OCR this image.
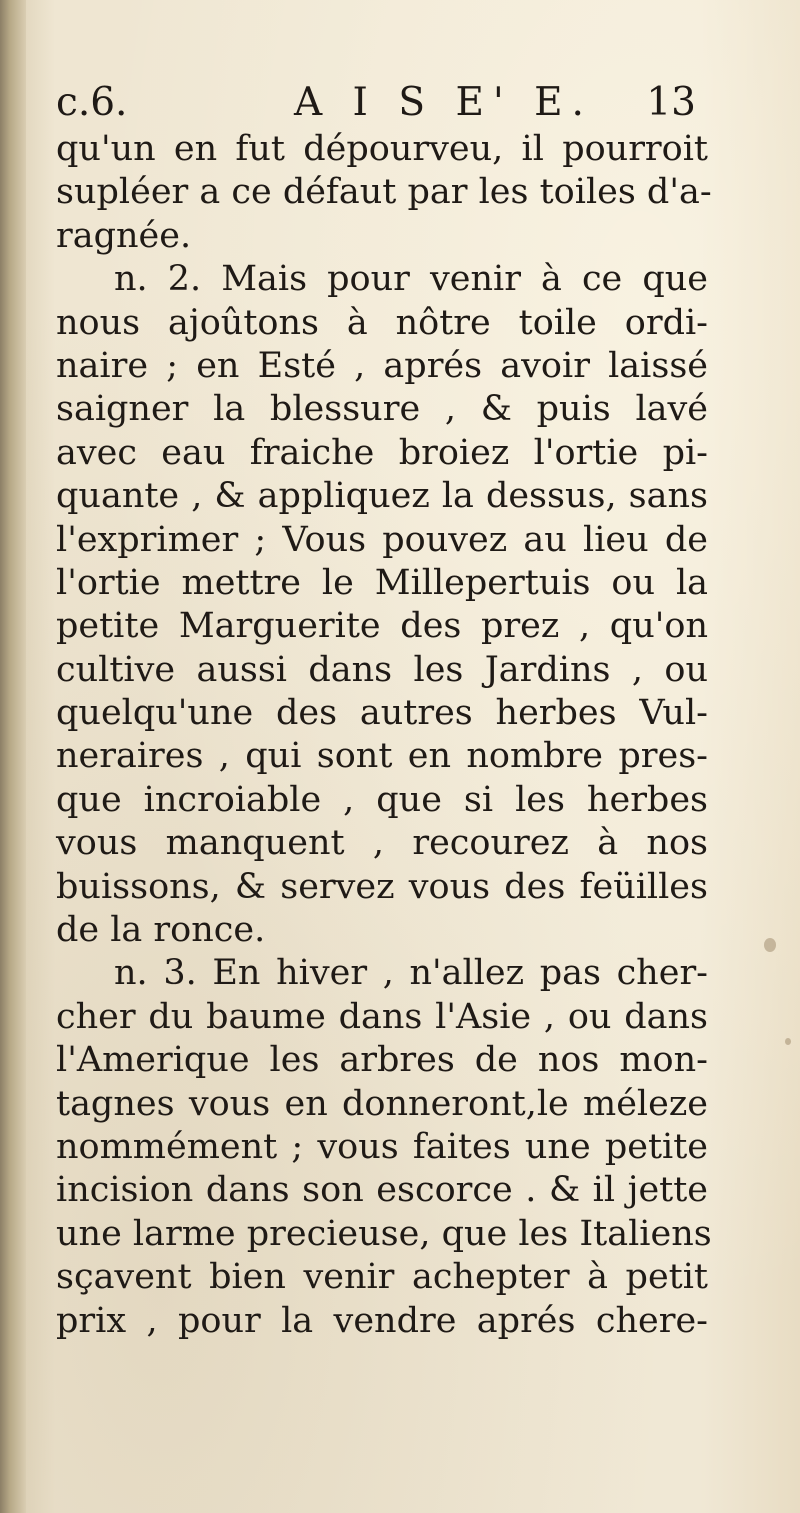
c.6.	A I S E' E. 13
qu'un en fut dépourveu, il pourroit
supléer a ce défaut par les toiles d'a-
ragnée.
n. 2. Mais pour venir à ce que
nous ajoûtons à nôtre toile ordi-
naire ; en Esté , aprés avoir laissé
saigner la blessure , & puis lavé
avec eau fraiche broiez l'ortie pi-
quante , & appliquez la dessus, sans
l'exprimer ; Vous pouvez au lieu de
l'ortie mettre le Millepertuis ou la
petite Marguerite des prez , qu'on
cultive aussi dans les Jardins , ou
quelqu'une des autres herbes Vul-
neraires , qui sont en nombre pres-
que incroiable , que si les herbes
vous manquent , recourez à nos
buissons, & servez vous des feüilles
de la ronce.
n. 3. En hiver , n'allez pas cher-
cher du baume dans l'Asie , ou dans
l'Amerique les arbres de nos mon-
tagnes vous en donneront,le méleze
nommément ; vous faites une petite
incision dans son escorce . & il jette
une larme precieuse, que les Italiens
sçavent bien venir achepter à petit
prix , pour la vendre aprés chere-
